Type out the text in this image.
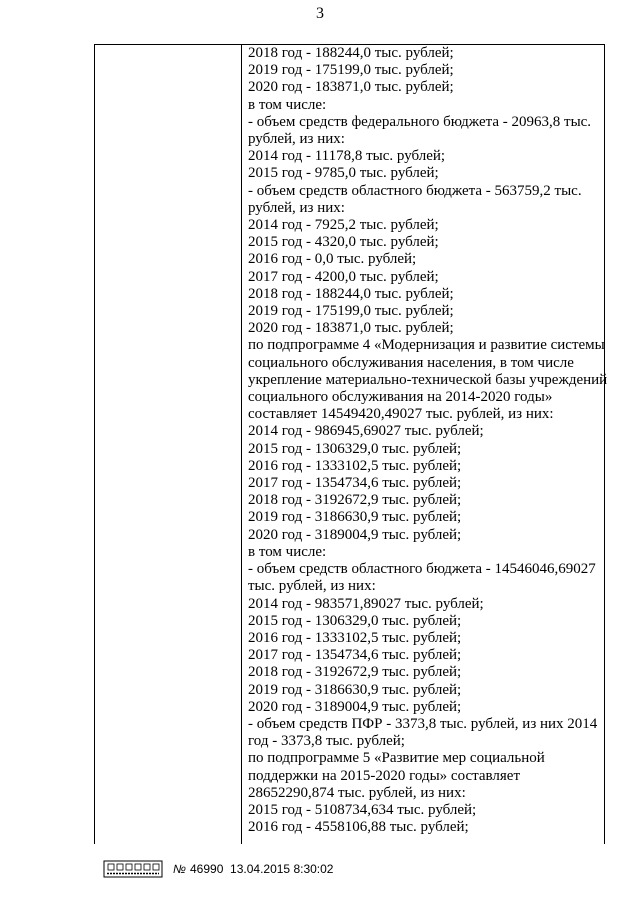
3
2018 год - 188244,0 тыс. рублей;
2019 год - 175199,0 тыс. рублей;
2020 год - 183871,0 тыс. рублей;
в том числе:
- объем средств федерального бюджета - 20963,8 тыс.
рублей, из них:
2014 год - 11178,8 тыс. рублей;
2015 год - 9785,0 тыс. рублей;
- объем средств областного бюджета - 563759,2 тыс.
рублей, из них:
2014 год - 7925,2 тыс. рублей;
2015 год - 4320,0 тыс. рублей;
2016 год - 0,0 тыс. рублей;
2017 год - 4200,0 тыс. рублей;
2018 год - 188244,0 тыс. рублей;
2019 год - 175199,0 тыс. рублей;
2020 год - 183871,0 тыс. рублей;
по подпрограмме 4 «Модернизация и развитие системы
социального обслуживания населения, в том числе
укрепление материально-технической базы учреждений
социального обслуживания на 2014-2020 годы»
составляет 14549420,49027 тыс. рублей, из них:
2014 год - 986945,69027 тыс. рублей;
2015 год - 1306329,0 тыс. рублей;
2016 год - 1333102,5 тыс. рублей;
2017 год - 1354734,6 тыс. рублей;
2018 год - 3192672,9 тыс. рублей;
2019 год - 3186630,9 тыс. рублей;
2020 год - 3189004,9 тыс. рублей;
в том числе:
- объем средств областного бюджета - 14546046,69027
тыс. рублей, из них:
2014 год - 983571,89027 тыс. рублей;
2015 год - 1306329,0 тыс. рублей;
2016 год - 1333102,5 тыс. рублей;
2017 год - 1354734,6 тыс. рублей;
2018 год - 3192672,9 тыс. рублей;
2019 год - 3186630,9 тыс. рублей;
2020 год - 3189004,9 тыс. рублей;
- объем средств ПФР - 3373,8 тыс. рублей, из них 2014
год - 3373,8 тыс. рублей;
по подпрограмме 5 «Развитие мер социальной
поддержки на 2015-2020 годы» составляет
28652290,874 тыс. рублей, из них:
2015 год - 5108734,634 тыс. рублей;
2016 год - 4558106,88 тыс. рублей;
№ 46990 13.04.2015 8:30:02
